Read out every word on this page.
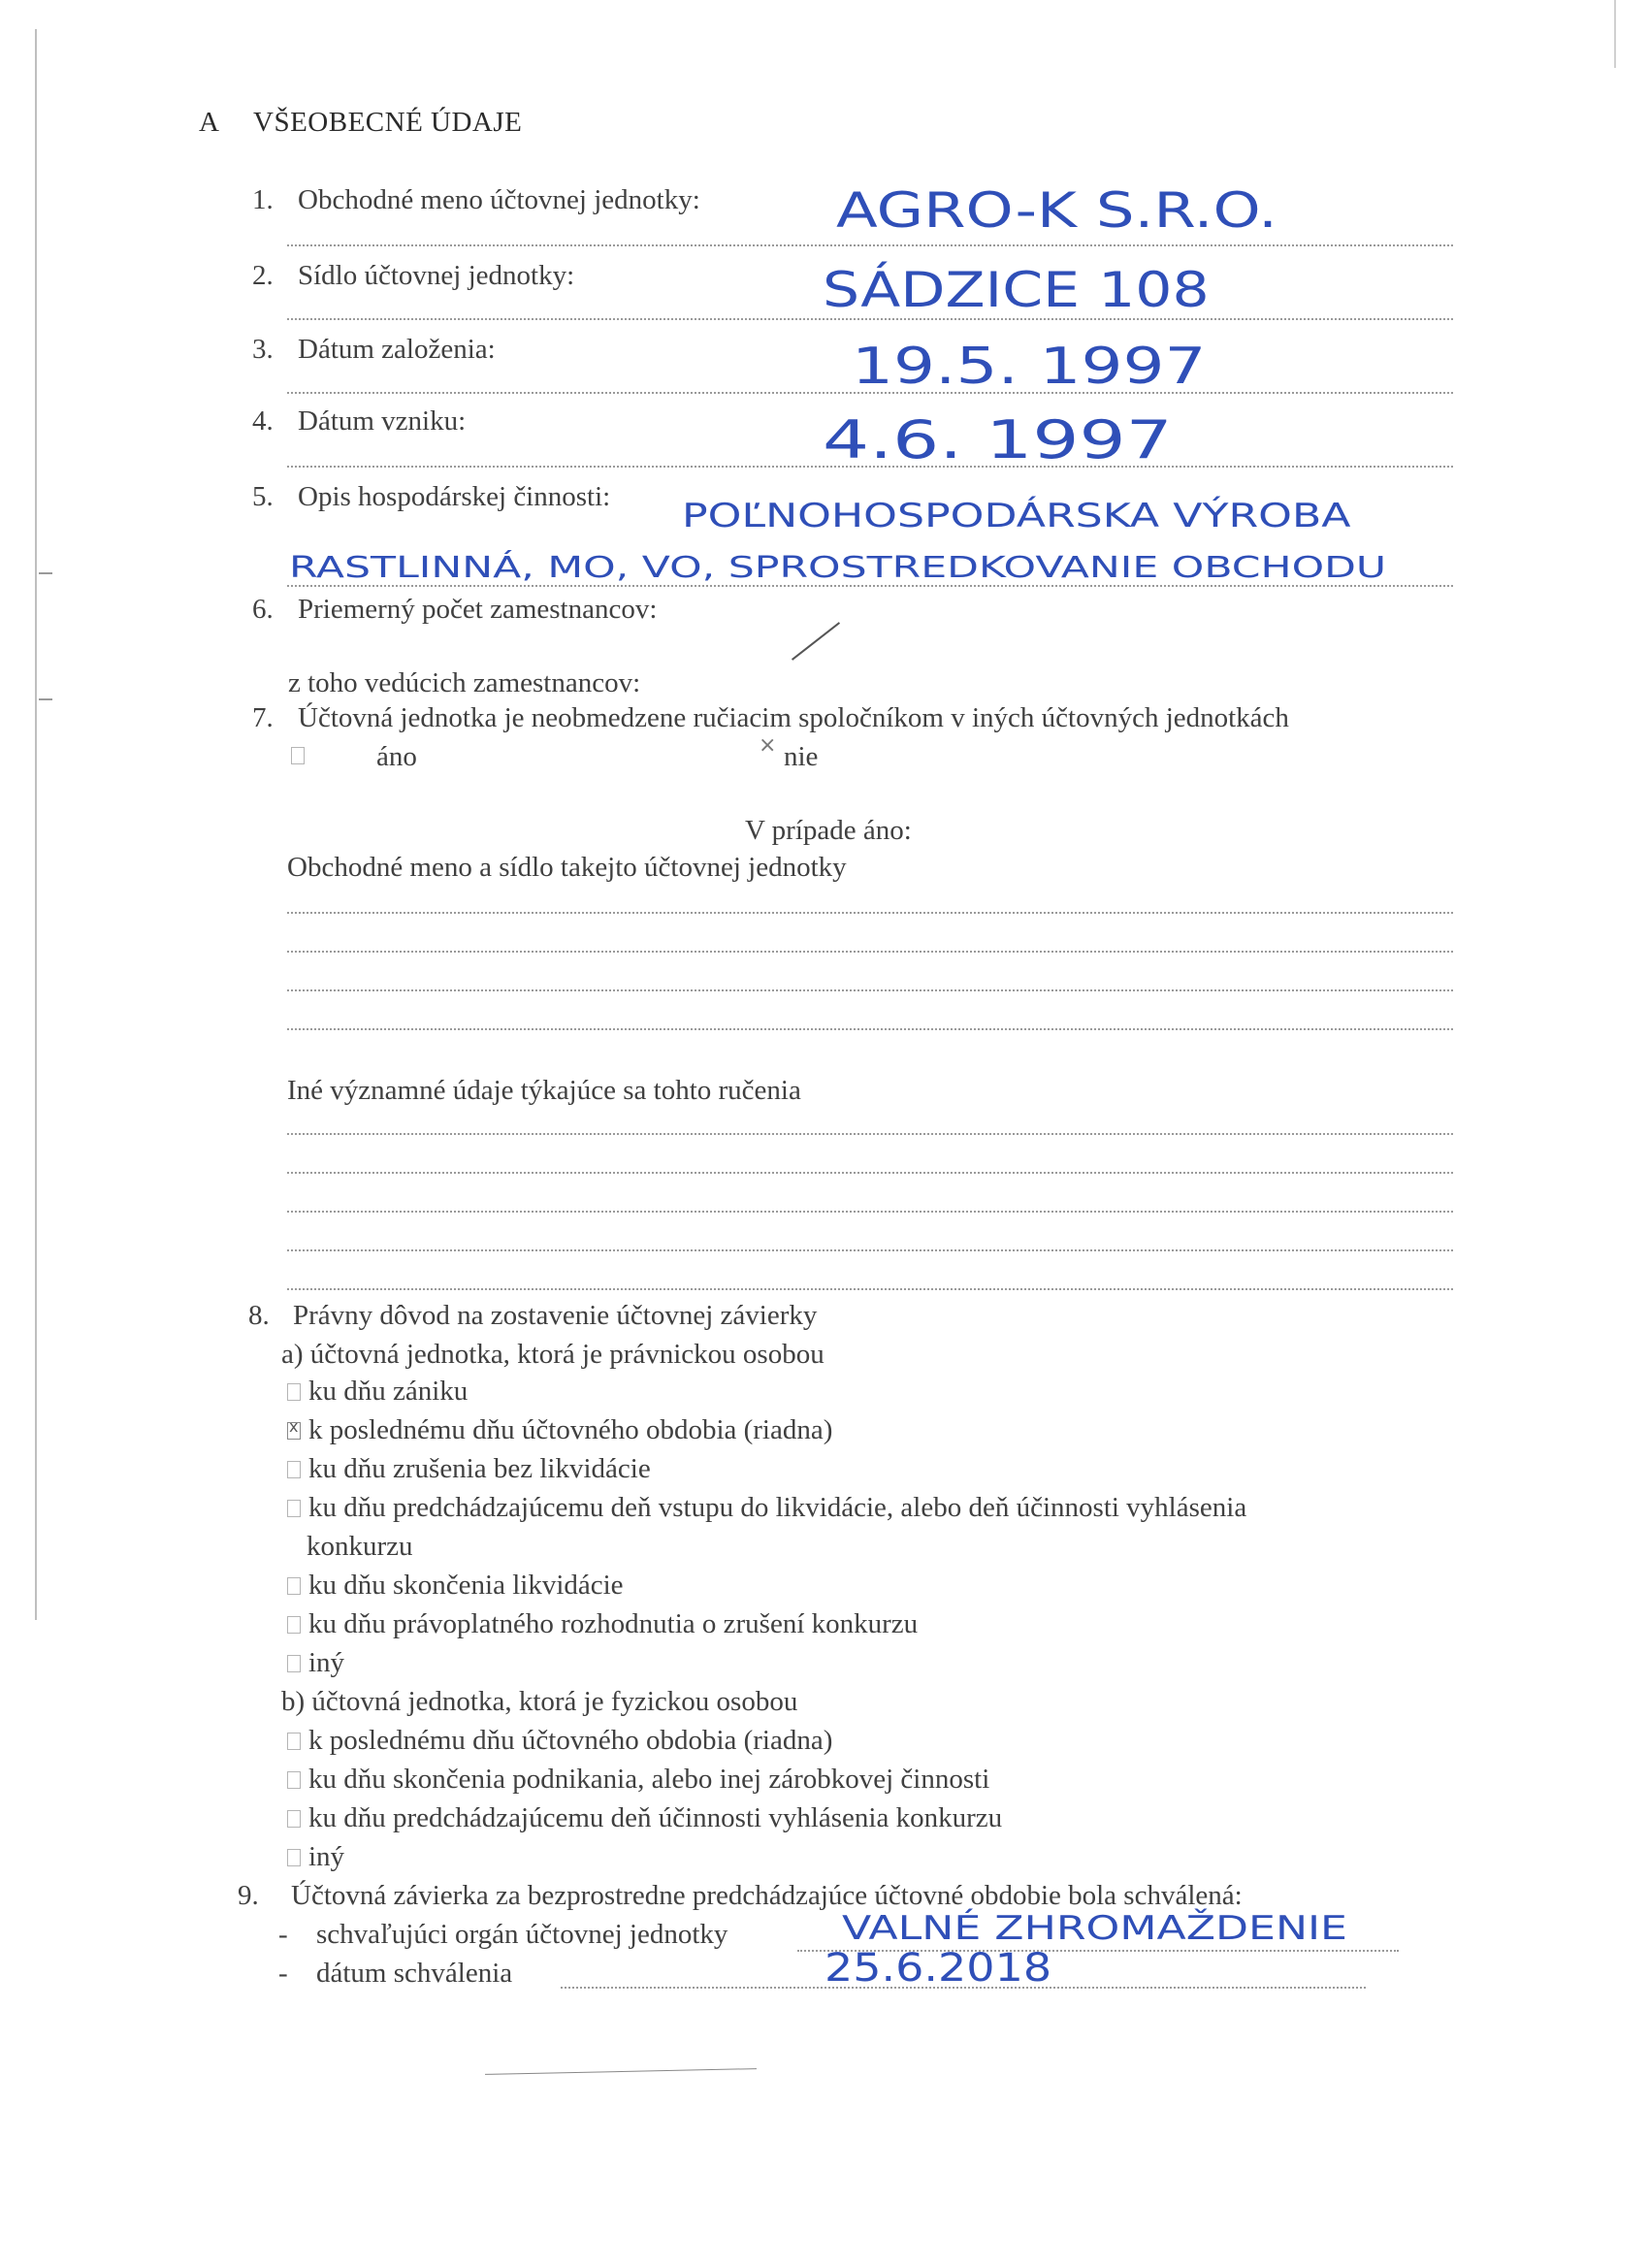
A VŠEOBECNÉ ÚDAJE
1. Obchodné meno účtovnej jednotky:	AGRO-K S.R.O.
2. Sídlo účtovnej jednotky:	SÁDZICE 108
3. Dátum založenia:	19.5. 1997
4. Dátum vzniku:	4.6. 1997
5. Opis hospodárskej činnosti: POĽNOHOSPODÁRSKA VÝROBA
RASTLINNÁ, MO, VO, SPROSTREDKOVANIE OBCHODU
6. Priemerný počet zamestnancov:
z toho vedúcich zamestnancov:
7. Účtovná jednotka je neobmedzene ručiacim spoločníkom v iných účtovných jednotkách
áno	× nie
V prípade áno:
Obchodné meno a sídlo takejto účtovnej jednotky
Iné významné údaje týkajúce sa tohto ručenia
8. Právny dôvod na zostavenie účtovnej závierky
a) účtovná jednotka, ktorá je právnickou osobou
ku dňu zániku
x
k poslednému dňu účtovného obdobia (riadna)
ku dňu zrušenia bez likvidácie
ku dňu predchádzajúcemu deň vstupu do likvidácie, alebo deň účinnosti vyhlásenia
konkurzu
ku dňu skončenia likvidácie
ku dňu právoplatného rozhodnutia o zrušení konkurzu
iný
b) účtovná jednotka, ktorá je fyzickou osobou
k poslednému dňu účtovného obdobia (riadna)
ku dňu skončenia podnikania, alebo inej zárobkovej činnosti
ku dňu predchádzajúcemu deň účinnosti vyhlásenia konkurzu
iný
9. Účtovná závierka za bezprostredne predchádzajúce účtovné obdobie bola schválená:
- schvaľujúci orgán účtovnej jednotky	VALNÉ ZHROMAŽDENIE
- dátum schválenia	25.6.2018
